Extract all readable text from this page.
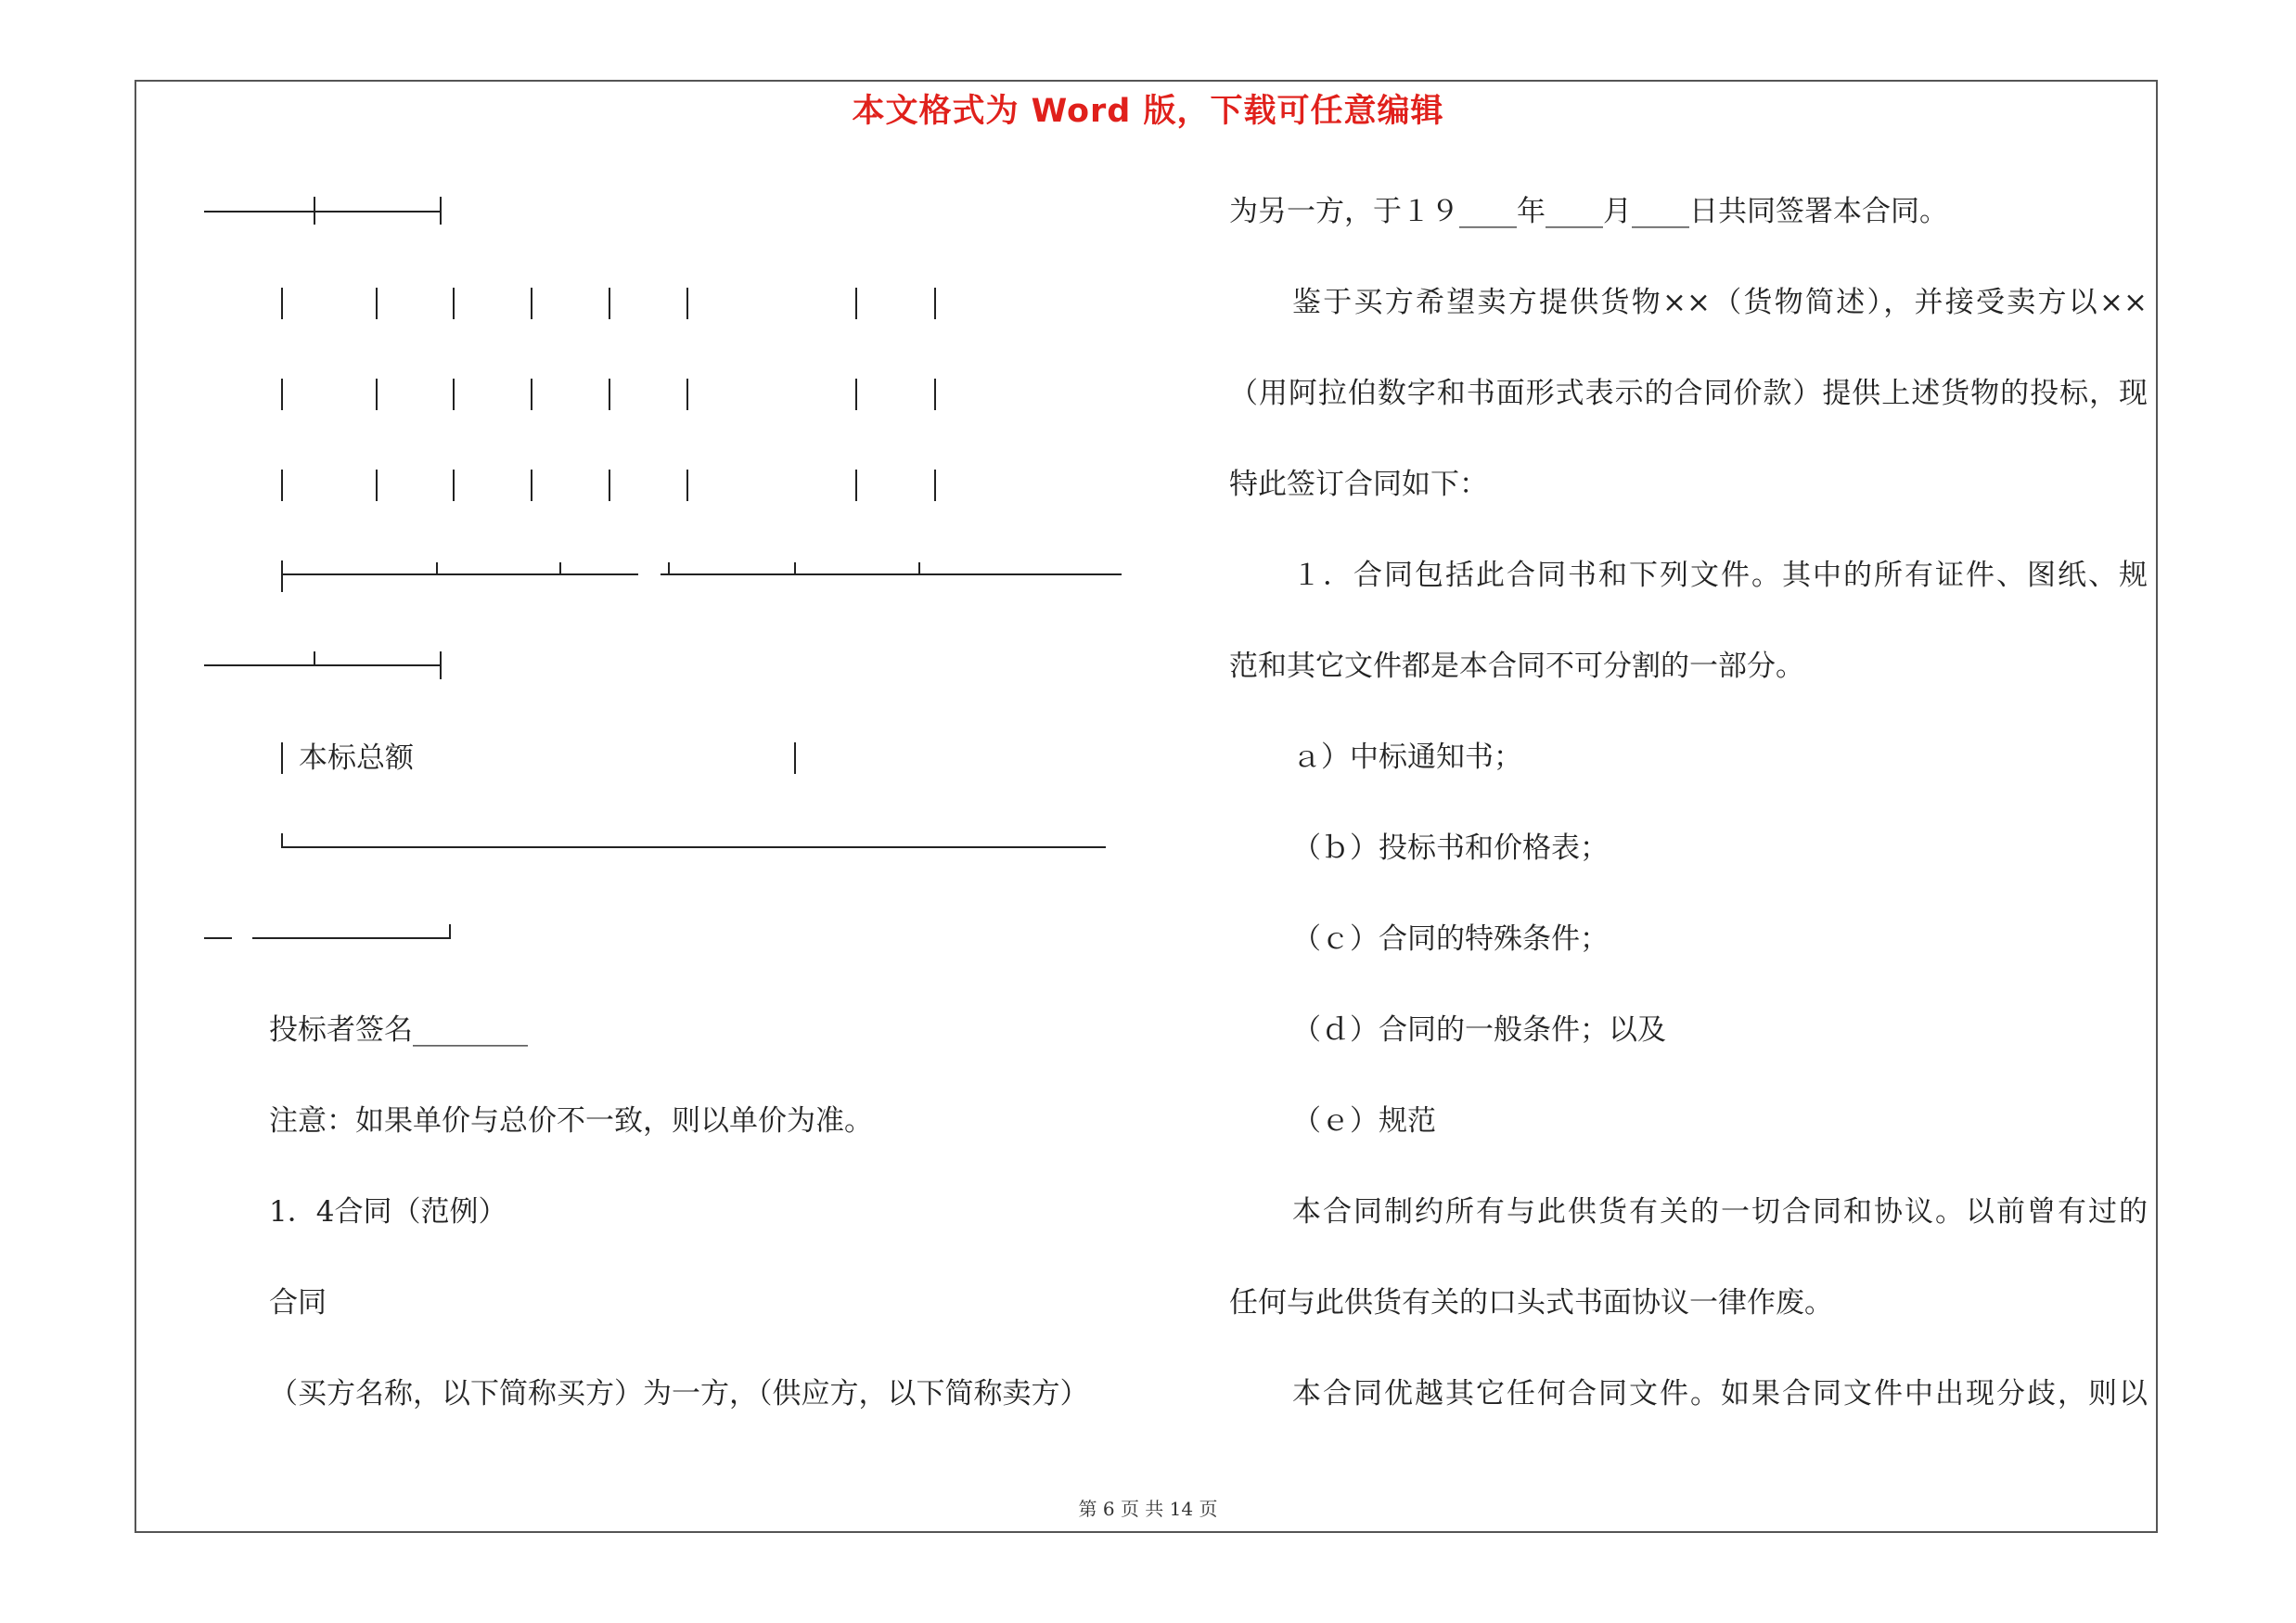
本文格式为 Word 版，下载可任意编辑
本标总额
投标者签名________
注意：如果单价与总价不一致，则以单价为准。
1．4合同（范例）
合同
（买方名称，以下简称买方）为一方，（供应方，以下简称卖方）
为另一方，于１９____年____月____日共同签署本合同。
鉴于买方希望卖方提供货物××（货物简述），并接受卖方以××
（用阿拉伯数字和书面形式表示的合同价款）提供上述货物的投标，现
特此签订合同如下：
１．合同包括此合同书和下列文件。其中的所有证件、图纸、规
范和其它文件都是本合同不可分割的一部分。
ａ）中标通知书；
（ｂ）投标书和价格表；
（ｃ）合同的特殊条件；
（ｄ）合同的一般条件；以及
（ｅ）规范
本合同制约所有与此供货有关的一切合同和协议。以前曾有过的
任何与此供货有关的口头式书面协议一律作废。
本合同优越其它任何合同文件。如果合同文件中出现分歧，则以
第 6 页 共 14 页
